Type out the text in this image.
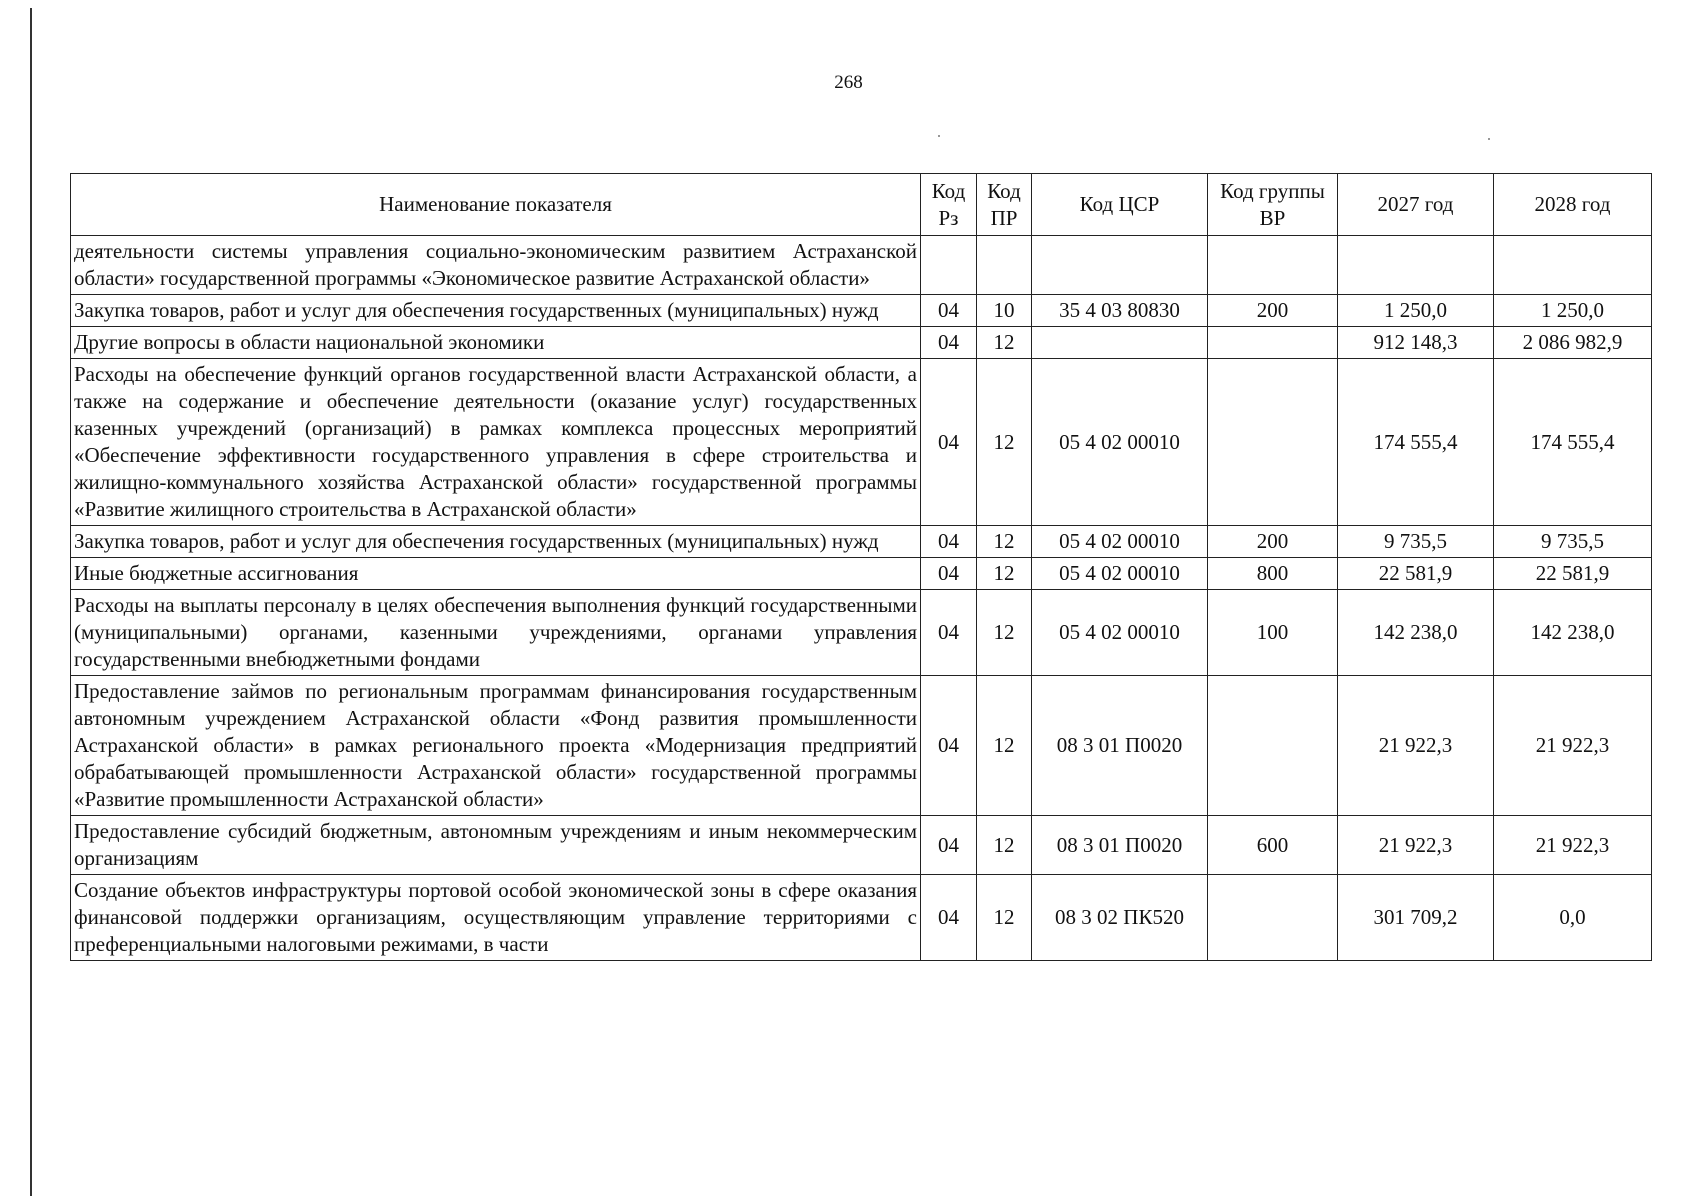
268
Наименование показателя	Код Рз	Код ПР	Код ЦСР	Код группы ВР	2027 год	2028 год
деятельности системы управления социально-экономическим развитием Астраханской области» государственной программы «Экономическое развитие Астраханской области»						
Закупка товаров, работ и услуг для обеспечения государственных (муниципальных) нужд	04	10	35 4 03 80830	200	1 250,0	1 250,0
Другие вопросы в области национальной экономики	04	12			912 148,3	2 086 982,9
Расходы на обеспечение функций органов государственной власти Астраханской области, а также на содержание и обеспечение деятельности (оказание услуг) государственных казенных учреждений (организаций) в рамках комплекса процессных мероприятий «Обеспечение эффективности государственного управления в сфере строительства и жилищно-коммунального хозяйства Астраханской области» государственной программы «Развитие жилищного строительства в Астраханской области»	04	12	05 4 02 00010		174 555,4	174 555,4
Закупка товаров, работ и услуг для обеспечения государственных (муниципальных) нужд	04	12	05 4 02 00010	200	9 735,5	9 735,5
Иные бюджетные ассигнования	04	12	05 4 02 00010	800	22 581,9	22 581,9
Расходы на выплаты персоналу в целях обеспечения выполнения функций государственными (муниципальными) органами, казенными учреждениями, органами управления государственными внебюджетными фондами	04	12	05 4 02 00010	100	142 238,0	142 238,0
Предоставление займов по региональным программам финансирования государственным автономным учреждением Астраханской области «Фонд развития промышленности Астраханской области» в рамках регионального проекта «Модернизация предприятий обрабатывающей промышленности Астраханской области» государственной программы «Развитие промышленности Астраханской области»	04	12	08 3 01 П0020		21 922,3	21 922,3
Предоставление субсидий бюджетным, автономным учреждениям и иным некоммерческим организациям	04	12	08 3 01 П0020	600	21 922,3	21 922,3
Создание объектов инфраструктуры портовой особой экономической зоны в сфере оказания финансовой поддержки организациям, осуществляющим управление территориями с преференциальными налоговыми режимами, в части	04	12	08 3 02 ПК520		301 709,2	0,0
